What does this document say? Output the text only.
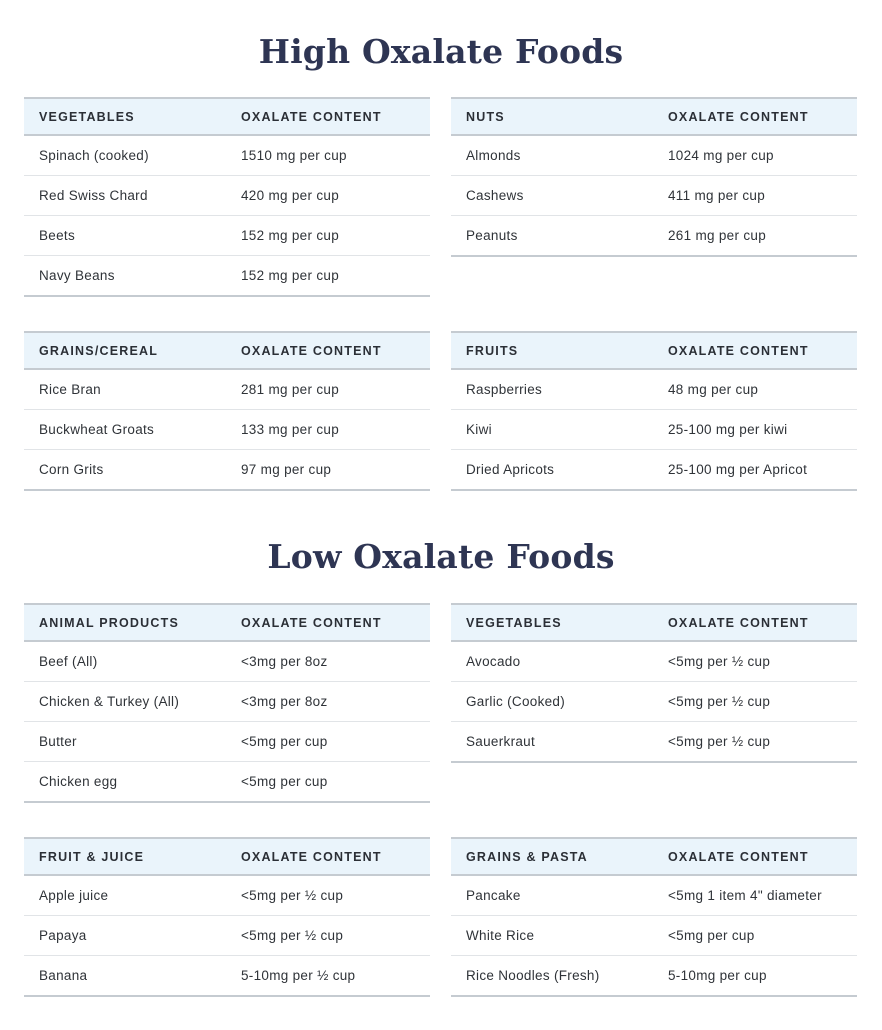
High Oxalate Foods
VEGETABLES	OXALATE CONTENT
Spinach (cooked)	1510 mg per cup
Red Swiss Chard	420 mg per cup
Beets	152 mg per cup
Navy Beans	152 mg per cup
NUTS	OXALATE CONTENT
Almonds	1024 mg per cup
Cashews	411 mg per cup
Peanuts	261 mg per cup
GRAINS/CEREAL	OXALATE CONTENT
Rice Bran	281 mg per cup
Buckwheat Groats	133 mg per cup
Corn Grits	97 mg per cup
FRUITS	OXALATE CONTENT
Raspberries	48 mg per cup
Kiwi	25-100 mg per kiwi
Dried Apricots	25-100 mg per Apricot
Low Oxalate Foods
ANIMAL PRODUCTS	OXALATE CONTENT
Beef (All)	<3mg per 8oz
Chicken & Turkey (All)	<3mg per 8oz
Butter	<5mg per cup
Chicken egg	<5mg per cup
VEGETABLES	OXALATE CONTENT
Avocado	<5mg per ½ cup
Garlic (Cooked)	<5mg per ½ cup
Sauerkraut	<5mg per ½ cup
FRUIT & JUICE	OXALATE CONTENT
Apple juice	<5mg per ½ cup
Papaya	<5mg per ½ cup
Banana	5-10mg per ½ cup
GRAINS & PASTA	OXALATE CONTENT
Pancake	<5mg 1 item 4" diameter
White Rice	<5mg per cup
Rice Noodles (Fresh)	5-10mg per cup
